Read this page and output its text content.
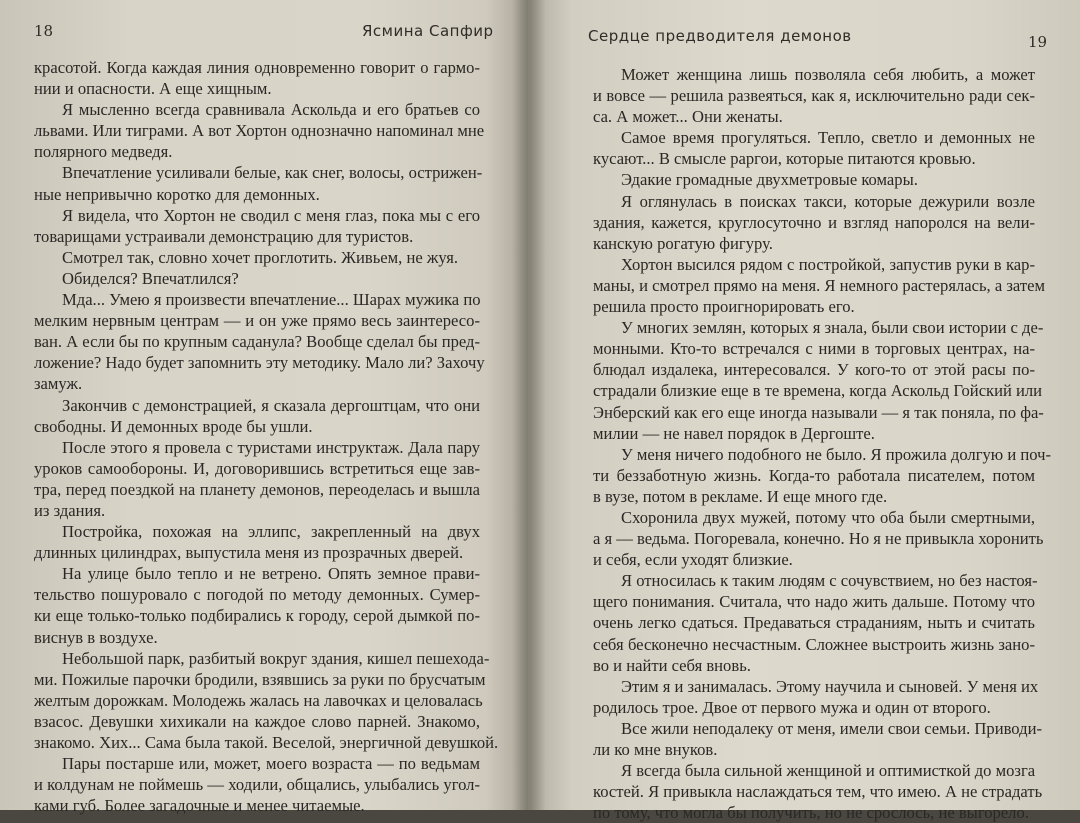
18	Ясмина Сапфир
красотой. Когда каждая линия одновременно говорит о гармо-
нии и опасности. А еще хищным.
Я мысленно всегда сравнивала Аскольда и его братьев со
львами. Или тиграми. А вот Хортон однозначно напоминал мне
полярного медведя.
Впечатление усиливали белые, как снег, волосы, острижен-
ные непривычно коротко для демонных.
Я видела, что Хортон не сводил с меня глаз, пока мы с его
товарищами устраивали демонстрацию для туристов.
Смотрел так, словно хочет проглотить. Живьем, не жуя.
Обиделся? Впечатлился?
Мда... Умею я произвести впечатление... Шарах мужика по
мелким нервным центрам — и он уже прямо весь заинтересо-
ван. А если бы по крупным саданула? Вообще сделал бы пред-
ложение? Надо будет запомнить эту методику. Мало ли? Захочу
замуж.
Закончив с демонстрацией, я сказала дергоштцам, что они
свободны. И демонных вроде бы ушли.
После этого я провела с туристами инструктаж. Дала пару
уроков самообороны. И, договорившись встретиться еще зав-
тра, перед поездкой на планету демонов, переоделась и вышла
из здания.
Постройка, похожая на эллипс, закрепленный на двух
длинных цилиндрах, выпустила меня из прозрачных дверей.
На улице было тепло и не ветрено. Опять земное прави-
тельство пошуровало с погодой по методу демонных. Сумер-
ки еще только-только подбирались к городу, серой дымкой по-
виснув в воздухе.
Небольшой парк, разбитый вокруг здания, кишел пешехода-
ми. Пожилые парочки бродили, взявшись за руки по брусчатым
желтым дорожкам. Молодежь жалась на лавочках и целовалась
взасос. Девушки хихикали на каждое слово парней. Знакомо,
знакомо. Хих... Сама была такой. Веселой, энергичной девушкой.
Пары постарше или, может, моего возраста — по ведьмам
и колдунам не поймешь — ходили, общались, улыбались угол-
ками губ. Более загадочные и менее читаемые.
Сердце предводителя демонов	19
Может женщина лишь позволяла себя любить, а может
и вовсе — решила развеяться, как я, исключительно ради сек-
са. А может... Они женаты.
Самое время прогуляться. Тепло, светло и демонных не
кусают... В смысле раргои, которые питаются кровью.
Эдакие громадные двухметровые комары.
Я оглянулась в поисках такси, которые дежурили возле
здания, кажется, круглосуточно и взгляд напоролся на вели-
канскую рогатую фигуру.
Хортон высился рядом с постройкой, запустив руки в кар-
маны, и смотрел прямо на меня. Я немного растерялась, а затем
решила просто проигнорировать его.
У многих землян, которых я знала, были свои истории с де-
монными. Кто-то встречался с ними в торговых центрах, на-
блюдал издалека, интересовался. У кого-то от этой расы по-
страдали близкие еще в те времена, когда Аскольд Гойский или
Энберский как его еще иногда называли — я так поняла, по фа-
милии — не навел порядок в Дергоште.
У меня ничего подобного не было. Я прожила долгую и поч-
ти беззаботную жизнь. Когда-то работала писателем, потом
в вузе, потом в рекламе. И еще много где.
Схоронила двух мужей, потому что оба были смертными,
а я — ведьма. Погоревала, конечно. Но я не привыкла хоронить
и себя, если уходят близкие.
Я относилась к таким людям с сочувствием, но без настоя-
щего понимания. Считала, что надо жить дальше. Потому что
очень легко сдаться. Предаваться страданиям, ныть и считать
себя бесконечно несчастным. Сложнее выстроить жизнь зано-
во и найти себя вновь.
Этим я и занималась. Этому научила и сыновей. У меня их
родилось трое. Двое от первого мужа и один от второго.
Все жили неподалеку от меня, имели свои семьи. Приводи-
ли ко мне внуков.
Я всегда была сильной женщиной и оптимисткой до мозга
костей. Я привыкла наслаждаться тем, что имею. А не страдать
по тому, что могла бы получить, но не срослось, не выгорело.
